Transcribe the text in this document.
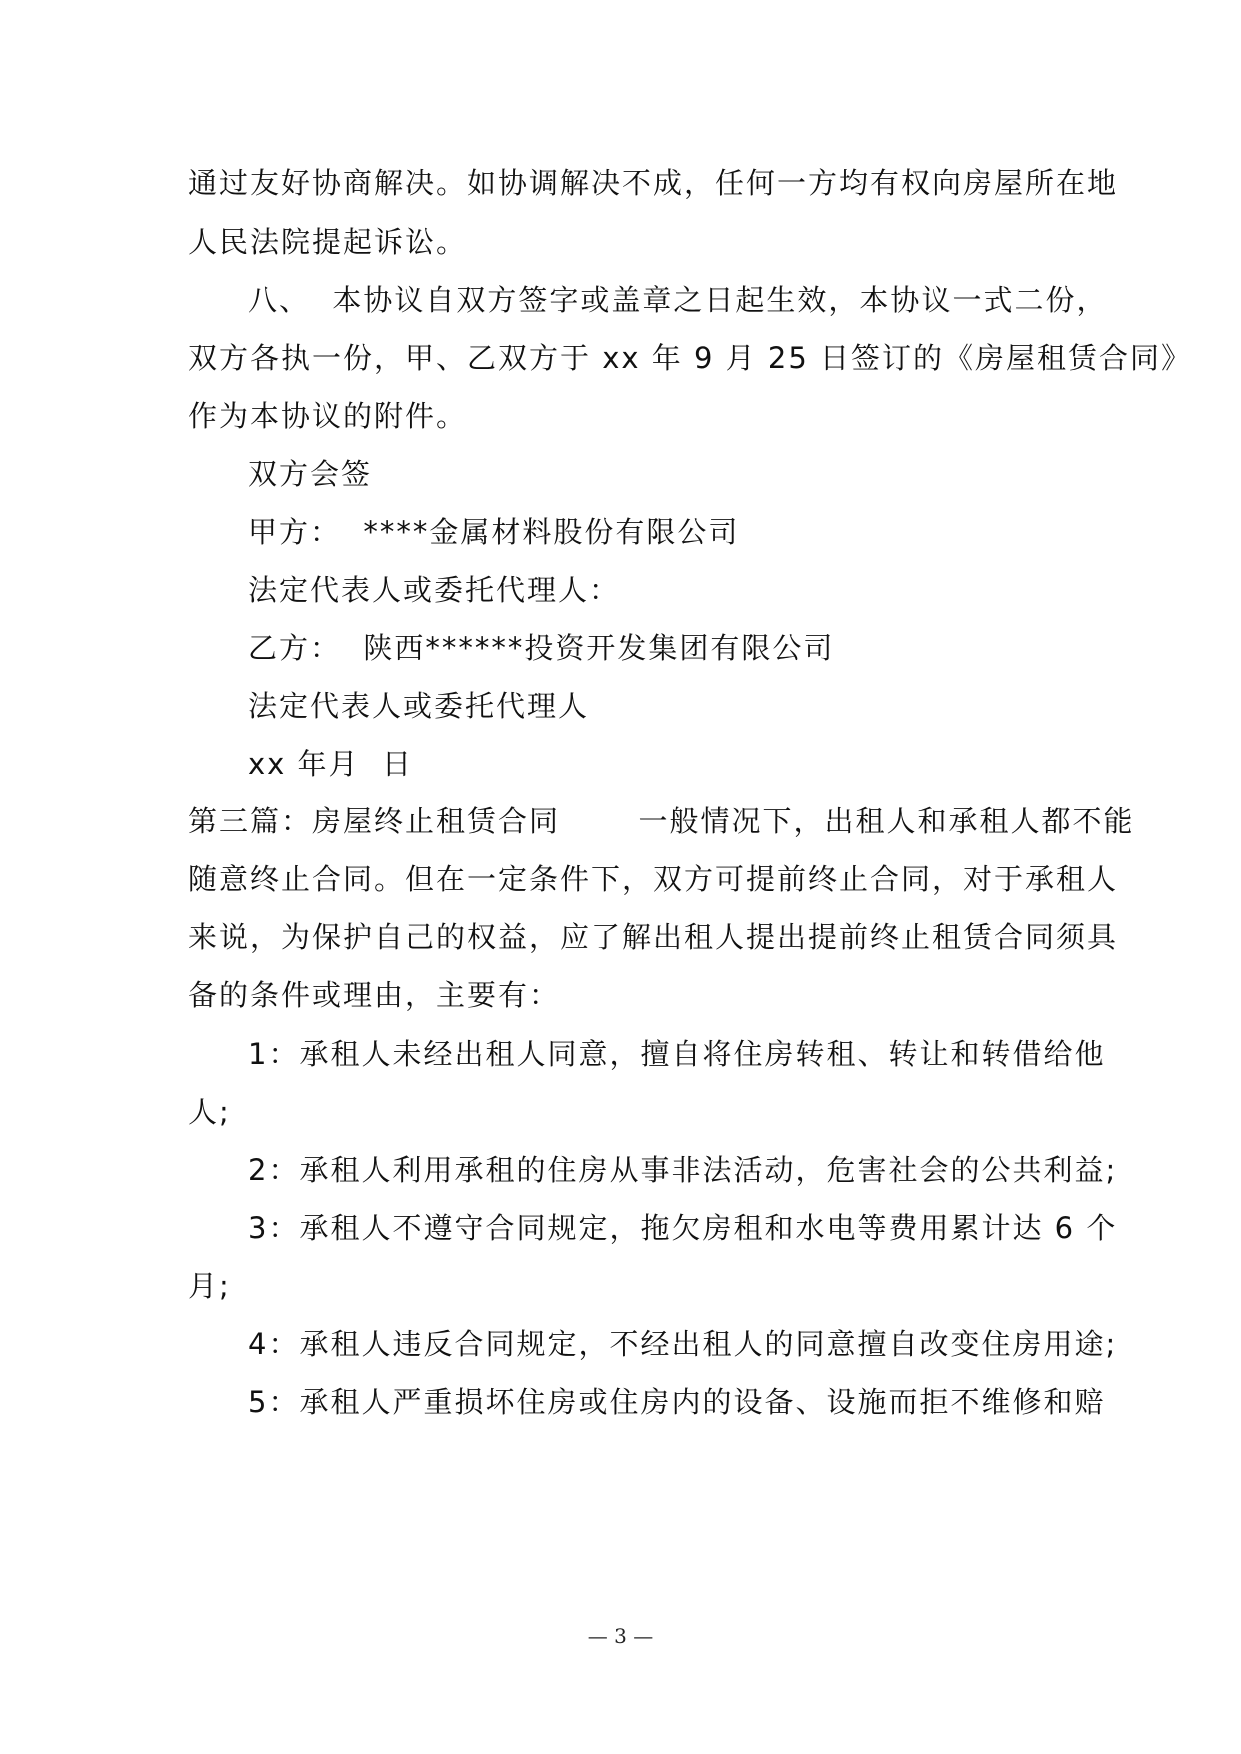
通过友好协商解决。如协调解决不成，任何一方均有权向房屋所在地
人民法院提起诉讼。
八、  本协议自双方签字或盖章之日起生效，本协议一式二份，
双方各执一份，甲、乙双方于 xx 年 9 月 25 日签订的《房屋租赁合同》
作为本协议的附件。
双方会签
甲方：  ****金属材料股份有限公司
法定代表人或委托代理人：
乙方：  陕西******投资开发集团有限公司
法定代表人或委托代理人
xx 年月  日
第三篇：房屋终止租赁合同       一般情况下，出租人和承租人都不能
随意终止合同。但在一定条件下，双方可提前终止合同，对于承租人
来说，为保护自己的权益，应了解出租人提出提前终止租赁合同须具
备的条件或理由，主要有：
1：承租人未经出租人同意，擅自将住房转租、转让和转借给他
人;
2：承租人利用承租的住房从事非法活动，危害社会的公共利益;
3：承租人不遵守合同规定，拖欠房租和水电等费用累计达 6 个
月;
4：承租人违反合同规定，不经出租人的同意擅自改变住房用途;
5：承租人严重损坏住房或住房内的设备、设施而拒不维修和赔
— 3 —
